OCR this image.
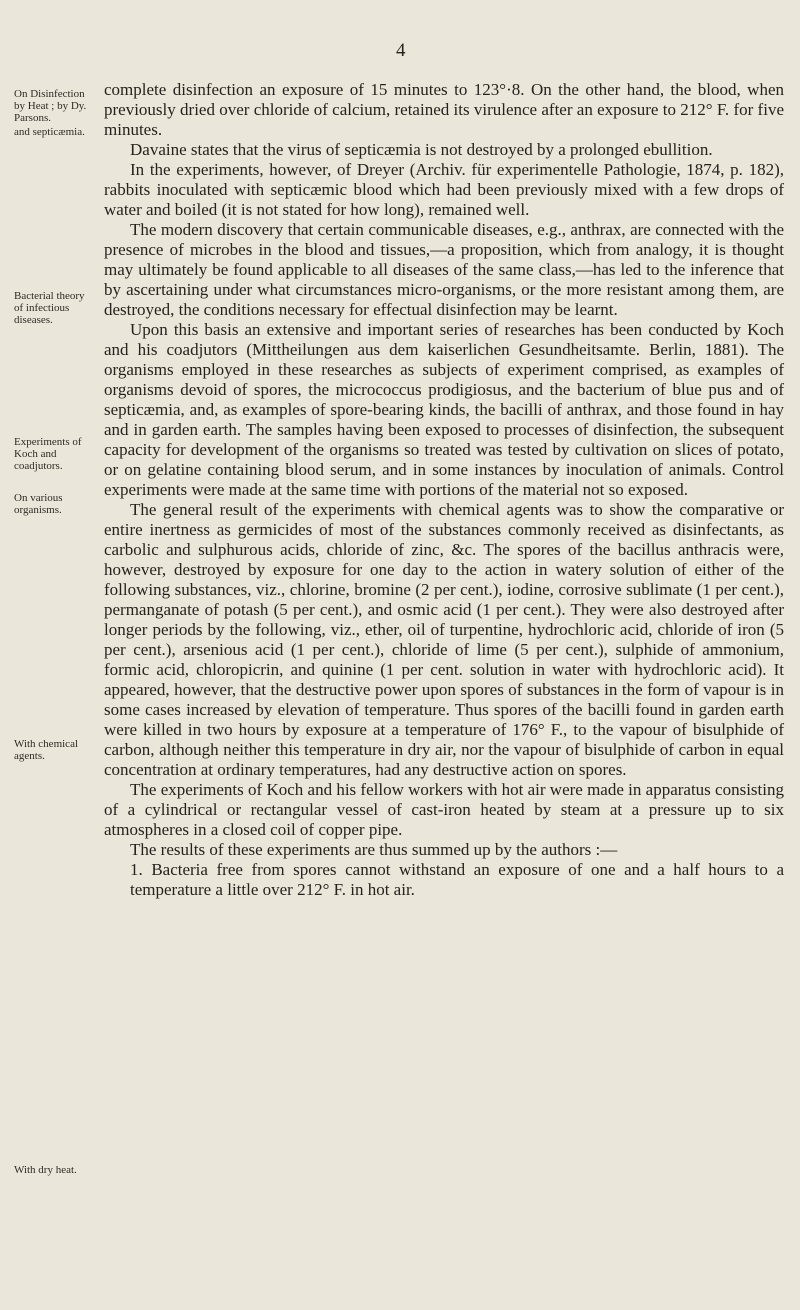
4
On Disinfection by Heat ; by Dy. Parsons.
and septicæmia.
Bacterial theory of infectious diseases.
Experiments of Koch and coadjutors.
On various organisms.
With chemical agents.
With dry heat.

complete disinfection an exposure of 15 minutes to 123°·8. On the other hand, the blood, when previously dried over chloride of calcium, retained its virulence after an exposure to 212° F. for five minutes.

Davaine states that the virus of septicæmia is not destroyed by a prolonged ebullition.

In the experiments, however, of Dreyer (Archiv. für experimentelle Pathologie, 1874, p. 182), rabbits inoculated with septicæmic blood which had been previously mixed with a few drops of water and boiled (it is not stated for how long), remained well.

The modern discovery that certain communicable diseases, e.g., anthrax, are connected with the presence of microbes in the blood and tissues,—a proposition, which from analogy, it is thought may ultimately be found applicable to all diseases of the same class,—has led to the inference that by ascertaining under what circumstances micro-organisms, or the more resistant among them, are destroyed, the conditions necessary for effectual disinfection may be learnt.

Upon this basis an extensive and important series of researches has been conducted by Koch and his coadjutors (Mittheilungen aus dem kaiserlichen Gesundheitsamte. Berlin, 1881). The organisms employed in these researches as subjects of experiment comprised, as examples of organisms devoid of spores, the micrococcus prodigiosus, and the bacterium of blue pus and of septicæmia, and, as examples of spore-bearing kinds, the bacilli of anthrax, and those found in hay and in garden earth. The samples having been exposed to processes of disinfection, the subsequent capacity for development of the organisms so treated was tested by cultivation on slices of potato, or on gelatine containing blood serum, and in some instances by inoculation of animals. Control experiments were made at the same time with portions of the material not so exposed.

The general result of the experiments with chemical agents was to show the comparative or entire inertness as germicides of most of the substances commonly received as disinfectants, as carbolic and sulphurous acids, chloride of zinc, &c. The spores of the bacillus anthracis were, however, destroyed by exposure for one day to the action in watery solution of either of the following substances, viz., chlorine, bromine (2 per cent.), iodine, corrosive sublimate (1 per cent.), permanganate of potash (5 per cent.), and osmic acid (1 per cent.). They were also destroyed after longer periods by the following, viz., ether, oil of turpentine, hydrochloric acid, chloride of iron (5 per cent.), arsenious acid (1 per cent.), chloride of lime (5 per cent.), sulphide of ammonium, formic acid, chloropicrin, and quinine (1 per cent. solution in water with hydrochloric acid). It appeared, however, that the destructive power upon spores of substances in the form of vapour is in some cases increased by elevation of temperature. Thus spores of the bacilli found in garden earth were killed in two hours by exposure at a temperature of 176° F., to the vapour of bisulphide of carbon, although neither this temperature in dry air, nor the vapour of bisulphide of carbon in equal concentration at ordinary temperatures, had any destructive action on spores.

The experiments of Koch and his fellow workers with hot air were made in apparatus consisting of a cylindrical or rectangular vessel of cast-iron heated by steam at a pressure up to six atmospheres in a closed coil of copper pipe.

The results of these experiments are thus summed up by the authors :—

1. Bacteria free from spores cannot withstand an exposure of one and a half hours to a temperature a little over 212° F. in hot air.
